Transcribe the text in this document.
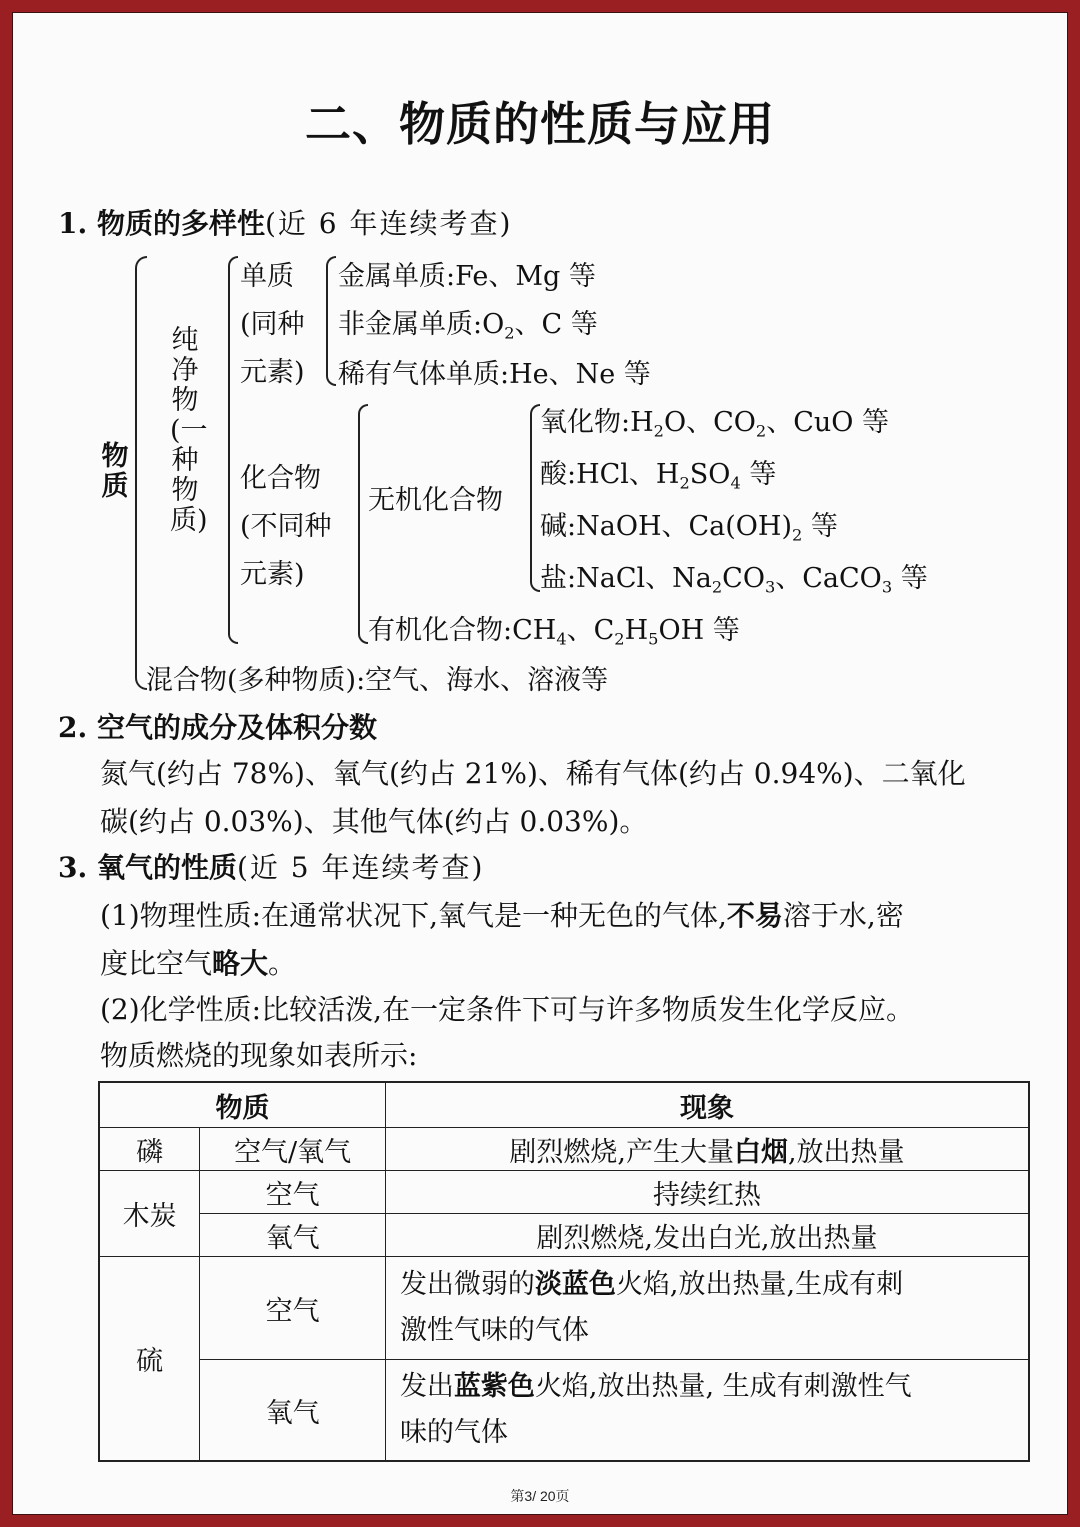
二、物质的性质与应用
1. 物质的多样性(近 6 年连续考查)
物质
纯净物(一种物质)
单质
(同种
元素)
金属单质:Fe、Mg 等
非金属单质$:O_2$、C 等
稀有气体单质:He、Ne 等
化合物
(不同种
元素)
无机化合物
氧化物$:H_2O$、$CO_2$、CuO 等
酸:HCl、$H_2SO_4$ 等
碱:NaOH、$Ca(OH)_2$ 等
盐:NaCl、$Na_2CO_3$、CaCO$_3$ 等
有机化合物$:CH_4$、$C_2H_5OH$ 等
混合物(多种物质):空气、海水、溶液等
2. 空气的成分及体积分数
氮气(约占 78%)、氧气(约占 21%)、稀有气体(约占 0.94%)、二氧化
碳(约占 0.03%)、其他气体(约占 0.03%)。
3. 氧气的性质(近 5 年连续考查)
(1)物理性质:在通常状况下,氧气是一种无色的气体,不易溶于水,密
度比空气略大。
(2)化学性质:比较活泼,在一定条件下可与许多物质发生化学反应。
物质燃烧的现象如表所示:
物质		现象
磷	空气/氧气	剧烈燃烧,产生大量白烟,放出热量
木炭	空气	持续红热
	氧气	剧烈燃烧,发出白光,放出热量
硫	空气	发出微弱的淡蓝色火焰,放出热量,生成有刺
激性气味的气体
	氧气	发出蓝紫色火焰,放出热量, 生成有刺激性气
味的气体
第3/ 20页
